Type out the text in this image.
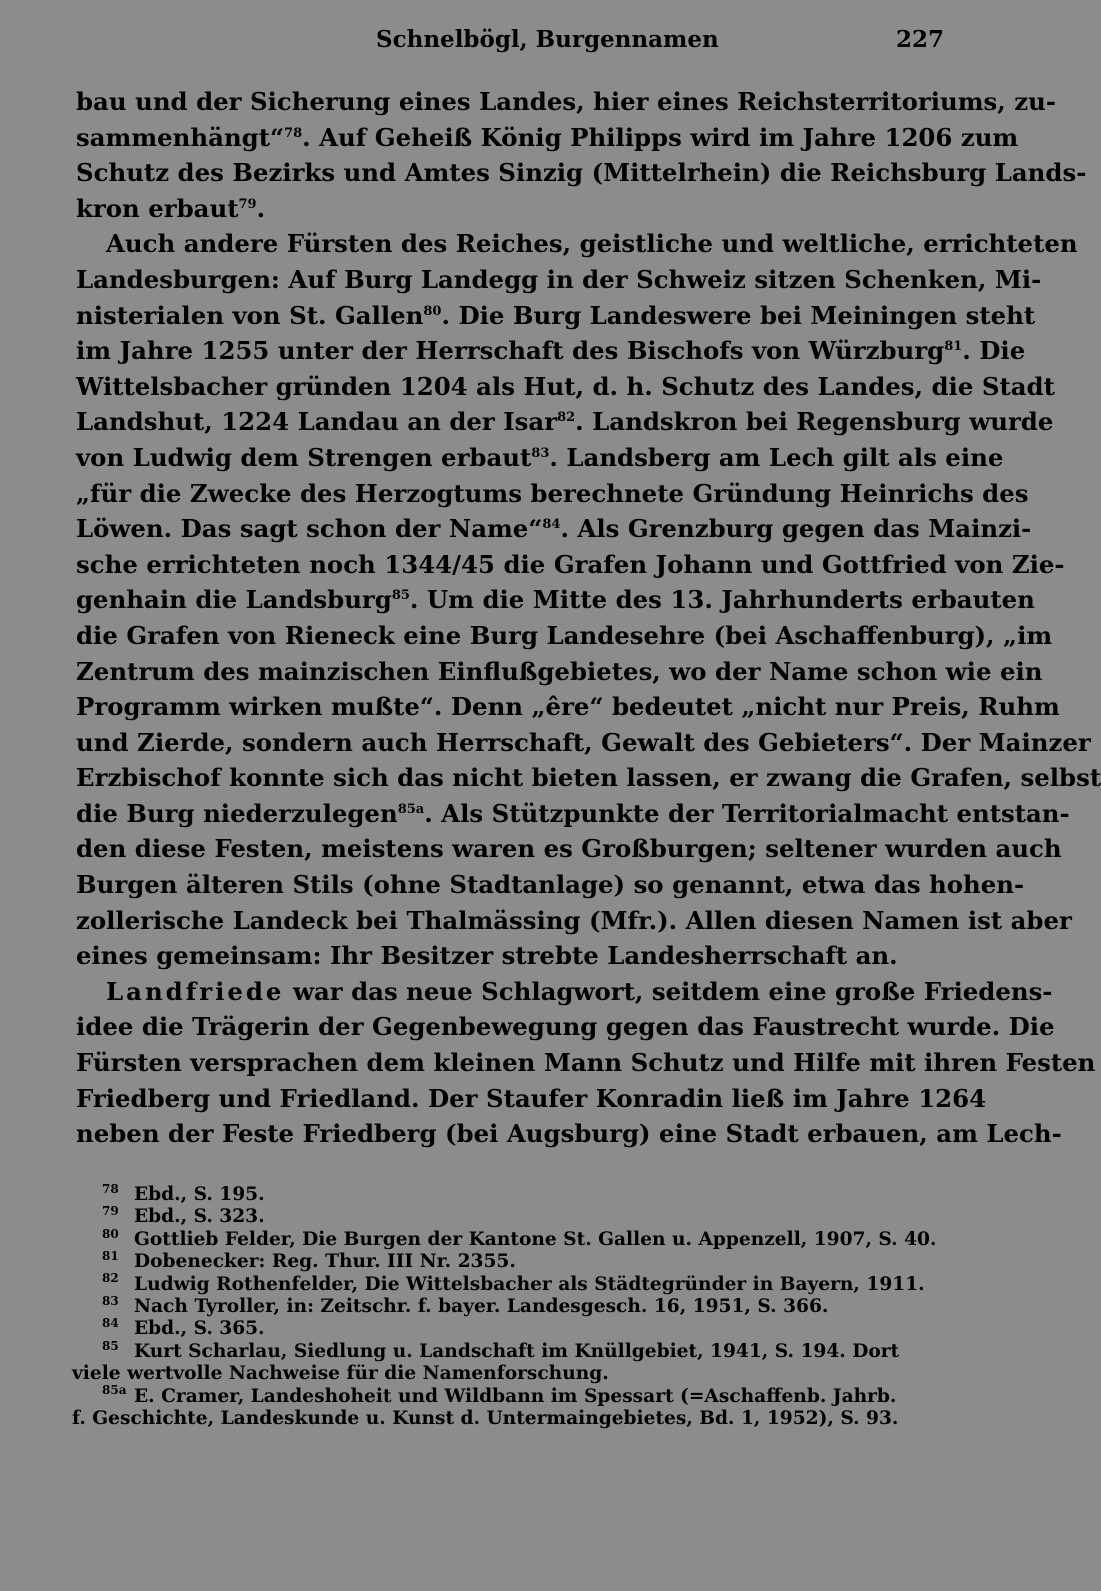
Schnelbögl, Burgennamen	227
bau und der Sicherung eines Landes, hier eines Reichsterritoriums, zu-
sammenhängt“$^{78}$. Auf Geheiß König Philipps wird im Jahre 1206 zum
Schutz des Bezirks und Amtes Sinzig (Mittelrhein) die Reichsburg Lands-
kron erbaut$^{79}$.
Auch andere Fürsten des Reiches, geistliche und weltliche, errichteten
Landesburgen: Auf Burg Landegg in der Schweiz sitzen Schenken, Mi-
nisterialen von St. Gallen$^{80}$. Die Burg Landeswere bei Meiningen steht
im Jahre 1255 unter der Herrschaft des Bischofs von Würzburg$^{81}$. Die
Wittelsbacher gründen 1204 als Hut, d. h. Schutz des Landes, die Stadt
Landshut, 1224 Landau an der Isar$^{82}$. Landskron bei Regensburg wurde
von Ludwig dem Strengen erbaut$^{83}$. Landsberg am Lech gilt als eine
„für die Zwecke des Herzogtums berechnete Gründung Heinrichs des
Löwen. Das sagt schon der Name“$^{84}$. Als Grenzburg gegen das Mainzi-
sche errichteten noch 1344/45 die Grafen Johann und Gottfried von Zie-
genhain die Landsburg$^{85}$. Um die Mitte des 13. Jahrhunderts erbauten
die Grafen von Rieneck eine Burg Landesehre (bei Aschaffenburg), „im
Zentrum des mainzischen Einflußgebietes, wo der Name schon wie ein
Programm wirken mußte“. Denn „êre“ bedeutet „nicht nur Preis, Ruhm
und Zierde, sondern auch Herrschaft, Gewalt des Gebieters“. Der Mainzer
Erzbischof konnte sich das nicht bieten lassen, er zwang die Grafen, selbst
die Burg niederzulegen$^{85a}$. Als Stützpunkte der Territorialmacht entstan-
den diese Festen, meistens waren es Großburgen; seltener wurden auch
Burgen älteren Stils (ohne Stadtanlage) so genannt, etwa das hohen-
zollerische Landeck bei Thalmässing (Mfr.). Allen diesen Namen ist aber
eines gemeinsam: Ihr Besitzer strebte Landesherrschaft an.
Landfriede war das neue Schlagwort, seitdem eine große Friedens-
idee die Trägerin der Gegenbewegung gegen das Faustrecht wurde. Die
Fürsten versprachen dem kleinen Mann Schutz und Hilfe mit ihren Festen
Friedberg und Friedland. Der Staufer Konradin ließ im Jahre 1264
neben der Feste Friedberg (bei Augsburg) eine Stadt erbauen, am Lech-
78 Ebd., S. 195.
79 Ebd., S. 323.
80 Gottlieb Felder, Die Burgen der Kantone St. Gallen u. Appenzell, 1907, S. 40.
81 Dobenecker: Reg. Thur. III Nr. 2355.
82 Ludwig Rothenfelder, Die Wittelsbacher als Städtegründer in Bayern, 1911.
83 Nach Tyroller, in: Zeitschr. f. bayer. Landesgesch. 16, 1951, S. 366.
84 Ebd., S. 365.
85 Kurt Scharlau, Siedlung u. Landschaft im Knüllgebiet, 1941, S. 194. Dort
viele wertvolle Nachweise für die Namenforschung.
85a E. Cramer, Landeshoheit und Wildbann im Spessart (=Aschaffenb. Jahrb.
f. Geschichte, Landeskunde u. Kunst d. Untermaingebietes, Bd. 1, 1952), S. 93.
